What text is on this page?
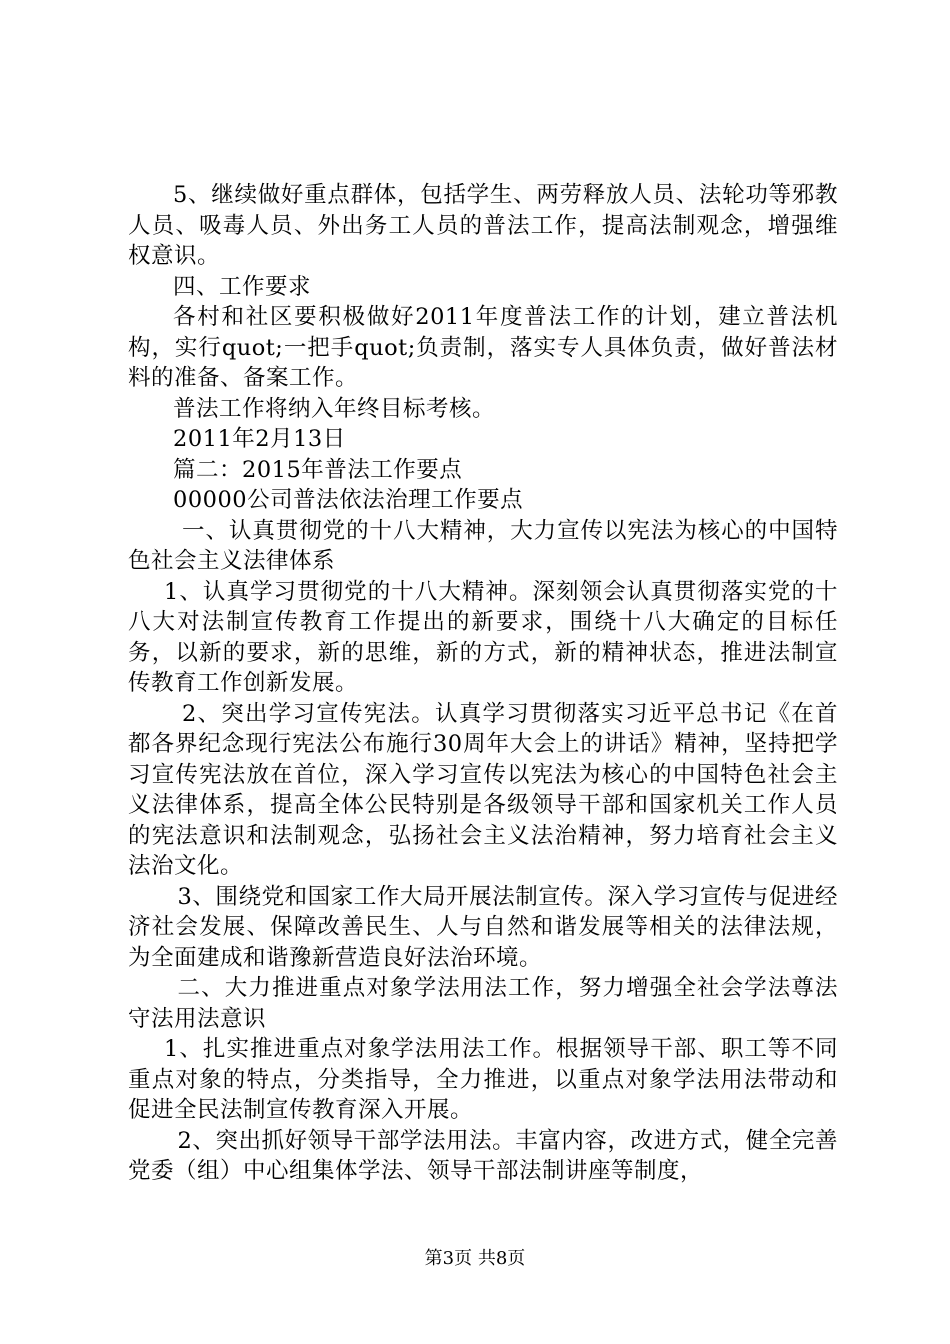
5、继续做好重点群体，包括学生、两劳释放人员、法轮功等邪教人员、吸毒人员、外出务工人员的普法工作，提高法制观念，增强维权意识。

四、工作要求

各村和社区要积极做好2011年度普法工作的计划，建立普法机构，实行quot;一把手quot;负责制，落实专人具体负责，做好普法材料的准备、备案工作。

普法工作将纳入年终目标考核。

2011年2月13日

篇二：2015年普法工作要点

00000公司普法依法治理工作要点

一、认真贯彻党的十八大精神，大力宣传以宪法为核心的中国特色社会主义法律体系

1、认真学习贯彻党的十八大精神。深刻领会认真贯彻落实党的十八大对法制宣传教育工作提出的新要求，围绕十八大确定的目标任务，以新的要求，新的思维，新的方式，新的精神状态，推进法制宣传教育工作创新发展。

2、突出学习宣传宪法。认真学习贯彻落实习近平总书记《在首都各界纪念现行宪法公布施行30周年大会上的讲话》精神，坚持把学习宣传宪法放在首位，深入学习宣传以宪法为核心的中国特色社会主义法律体系，提高全体公民特别是各级领导干部和国家机关工作人员的宪法意识和法制观念，弘扬社会主义法治精神，努力培育社会主义法治文化。

3、围绕党和国家工作大局开展法制宣传。深入学习宣传与促进经济社会发展、保障改善民生、人与自然和谐发展等相关的法律法规，为全面建成和谐豫新营造良好法治环境。

二、大力推进重点对象学法用法工作，努力增强全社会学法尊法守法用法意识

1、扎实推进重点对象学法用法工作。根据领导干部、职工等不同重点对象的特点，分类指导，全力推进，以重点对象学法用法带动和促进全民法制宣传教育深入开展。

2、突出抓好领导干部学法用法。丰富内容，改进方式，健全完善党委（组）中心组集体学法、领导干部法制讲座等制度，

第3页 共8页
